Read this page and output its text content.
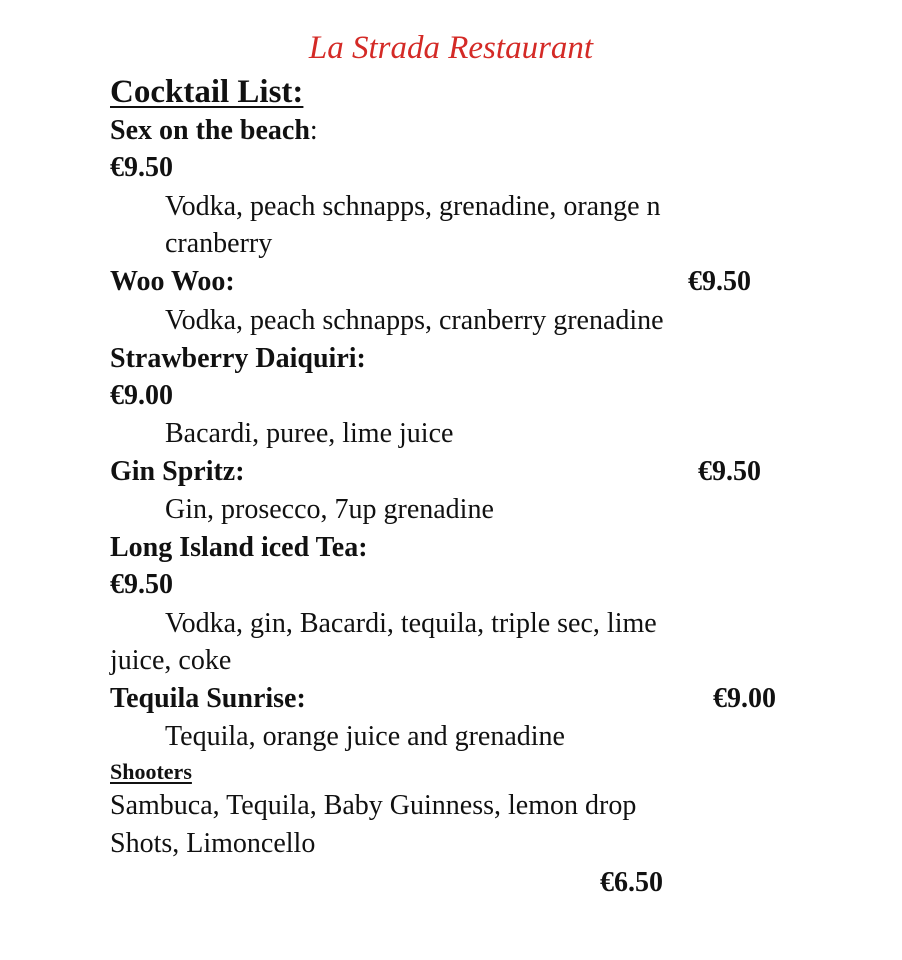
La Strada Restaurant
Cocktail List:
Sex on the beach:
€9.50
Vodka, peach schnapps, grenadine, orange n
cranberry
Woo Woo:	€9.50
Vodka, peach schnapps, cranberry grenadine
Strawberry Daiquiri:
€9.00
Bacardi, puree, lime juice
Gin Spritz:	€9.50
Gin, prosecco, 7up grenadine
Long Island iced Tea:
€9.50
Vodka, gin, Bacardi, tequila, triple sec, lime
juice, coke
Tequila Sunrise:	€9.00
Tequila, orange juice and grenadine
Shooters
Sambuca, Tequila, Baby Guinness, lemon drop
Shots, Limoncello
€6.50
